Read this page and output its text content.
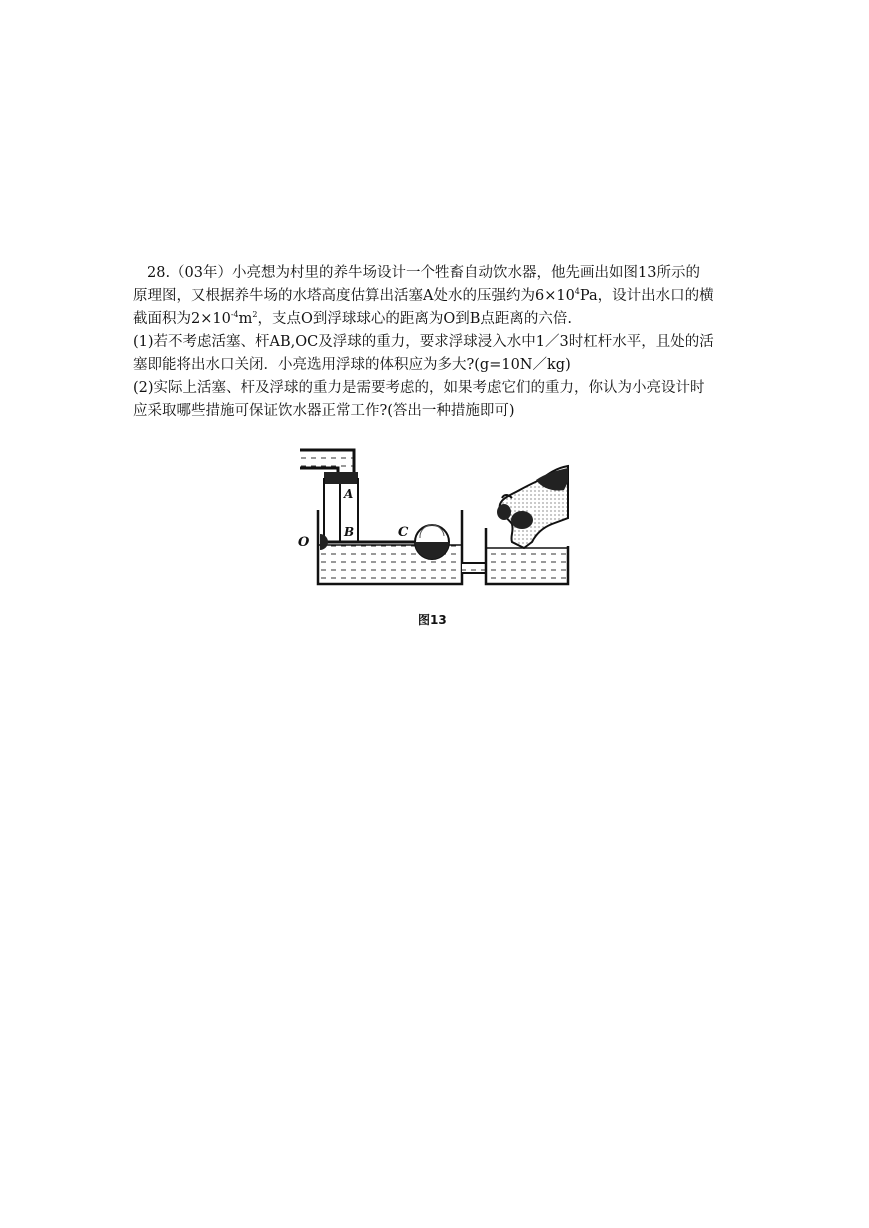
28.（03年）小亮想为村里的养牛场设计一个牲畜自动饮水器，他先画出如图13所示的
原理图，又根据养牛场的水塔高度估算出活塞A处水的压强约为$6\times 10^4Pa$，设计出水口的横
截面积为$2\times 10^{-4}m^2$，支点O到浮球球心的距离为O到B点距离的六倍.
(1)若不考虑活塞、杆AB,OC及浮球的重力，要求浮球浸入水中1／3时杠杆水平，且处的活
塞即能将出水口关闭．小亮选用浮球的体积应为多大?(g=10N／kg)
(2)实际上活塞、杆及浮球的重力是需要考虑的，如果考虑它们的重力，你认为小亮设计时
应采取哪些措施可保证饮水器正常工作?(答出一种措施即可)
O
A
B	C
图13
